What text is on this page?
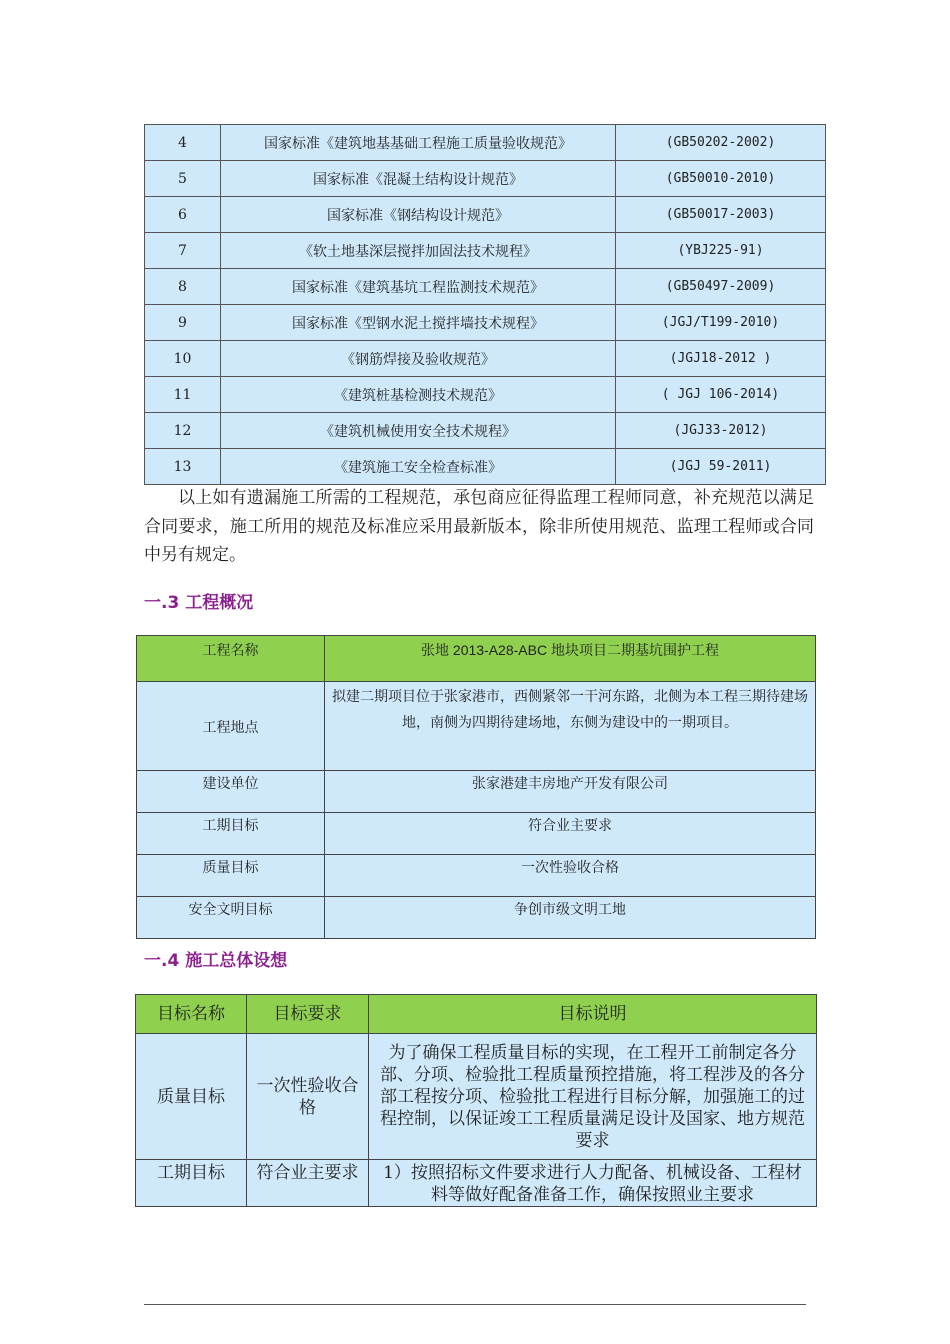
4	国家标准《建筑地基基础工程施工质量验收规范》	(GB50202-2002)
5	国家标准《混凝土结构设计规范》	(GB50010-2010)
6	国家标准《钢结构设计规范》	(GB50017-2003)
7	《软土地基深层搅拌加固法技术规程》	(YBJ225-91)
8	国家标准《建筑基坑工程监测技术规范》	(GB50497-2009)
9	国家标准《型钢水泥土搅拌墙技术规程》	(JGJ/T199-2010)
10	《钢筋焊接及验收规范》	(JGJ18-2012 )
11	《建筑桩基检测技术规范》	( JGJ 106-2014)
12	《建筑机械使用安全技术规程》	(JGJ33-2012)
13	《建筑施工安全检查标准》	(JGJ 59-2011)

以上如有遗漏施工所需的工程规范，承包商应征得监理工程师同意，补充规范以满足合同要求，施工所用的规范及标准应采用最新版本，除非所使用规范、监理工程师或合同中另有规定。

一.3 工程概况
工程名称	张地 2013-A28-ABC 地块项目二期基坑围护工程
工程地点	拟建二期项目位于张家港市，西侧紧邻一干河东路，北侧为本工程三期待建场地，南侧为四期待建场地，东侧为建设中的一期项目。
建设单位	张家港建丰房地产开发有限公司
工期目标	符合业主要求
质量目标	一次性验收合格
安全文明目标	争创市级文明工地
一.4 施工总体设想
目标名称	目标要求	目标说明
质量目标	一次性验收合格	为了确保工程质量目标的实现，在工程开工前制定各分部、分项、检验批工程质量预控措施，将工程涉及的各分部工程按分项、检验批工程进行目标分解，加强施工的过程控制，以保证竣工工程质量满足设计及国家、地方规范要求
工期目标	符合业主要求	1）按照招标文件要求进行人力配备、机械设备、工程材料等做好配备准备工作，确保按照业主要求
